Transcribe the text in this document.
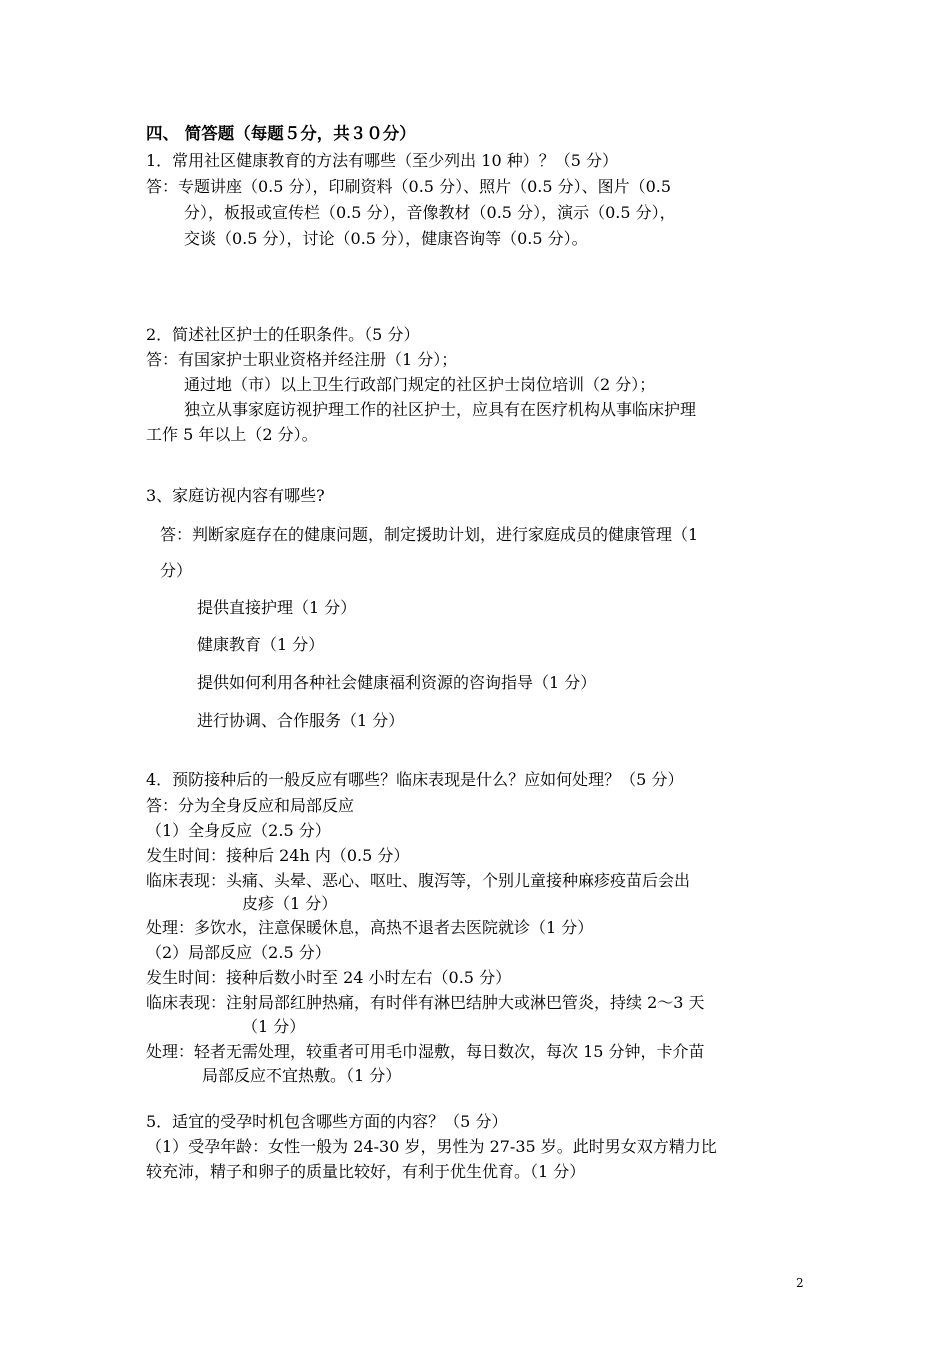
四、 简答题（每题５分，共３０分）
1．常用社区健康教育的方法有哪些（至少列出 10 种）？（5 分）
答：专题讲座（0.5 分），印刷资料（0.5 分）、照片（0.5 分）、图片（0.5
分），板报或宣传栏（0.5 分），音像教材（0.5 分），演示（0.5 分），
交谈（0.5 分），讨论（0.5 分），健康咨询等（0.5 分）。
2．简述社区护士的任职条件。（5 分）
答：有国家护士职业资格并经注册（1 分）；
通过地（市）以上卫生行政部门规定的社区护士岗位培训（2 分）；
独立从事家庭访视护理工作的社区护士，应具有在医疗机构从事临床护理
工作 5 年以上（2 分）。
3、家庭访视内容有哪些?
答：判断家庭存在的健康问题，制定援助计划，进行家庭成员的健康管理（1
分）
提供直接护理（1 分）
健康教育（1 分）
提供如何利用各种社会健康福利资源的咨询指导（1 分）
进行协调、合作服务（1 分）
4．预防接种后的一般反应有哪些？临床表现是什么？应如何处理？（5 分）
答：分为全身反应和局部反应
（1）全身反应（2.5 分）
发生时间：接种后 24h 内（0.5 分）
临床表现：头痛、头晕、恶心、呕吐、腹泻等，个别儿童接种麻疹疫苗后会出
皮疹（1 分）
处理：多饮水，注意保暖休息，高热不退者去医院就诊（1 分）
（2）局部反应（2.5 分）
发生时间：接种后数小时至 24 小时左右（0.5 分）
临床表现：注射局部红肿热痛，有时伴有淋巴结肿大或淋巴管炎，持续 2～3 天
（1 分）
处理：轻者无需处理，较重者可用毛巾湿敷，每日数次，每次 15 分钟，卡介苗
局部反应不宜热敷。（1 分）
5．适宜的受孕时机包含哪些方面的内容？（5 分）
（1）受孕年龄：女性一般为 24-30 岁，男性为 27-35 岁。此时男女双方精力比
较充沛，精子和卵子的质量比较好，有利于优生优育。（1 分）
2
